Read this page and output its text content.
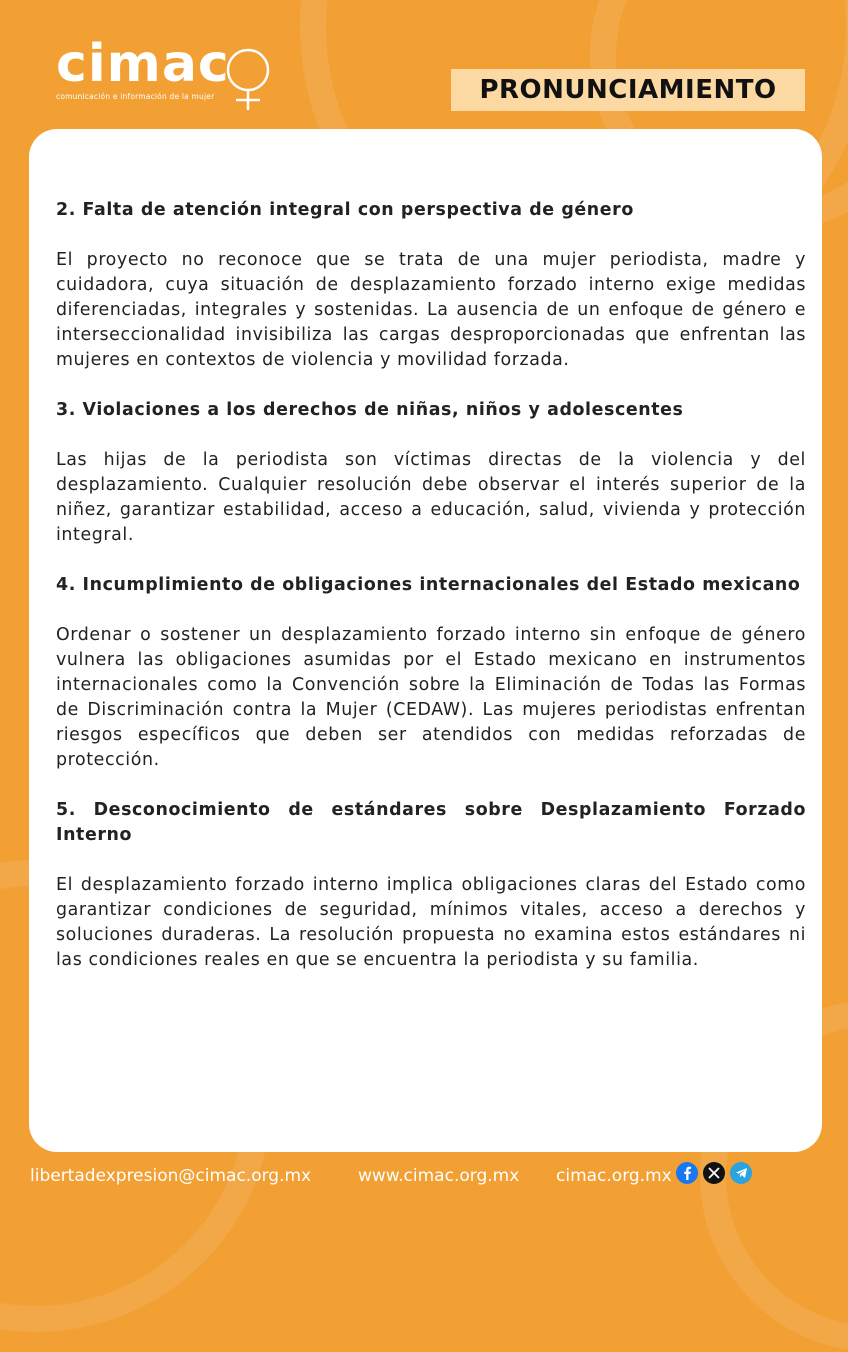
cimac
comunicación e información de la mujer	PRONUNCIAMIENTO
2. Falta de atención integral con perspectiva de género

El proyecto no reconoce que se trata de una mujer periodista, madre y cuidadora, cuya situación de desplazamiento forzado interno exige medidas diferenciadas, integrales y sostenidas. La ausencia de un enfoque de género e interseccionalidad invisibiliza las cargas desproporcionadas que enfrentan las mujeres en contextos de violencia y movilidad forzada.

3. Violaciones a los derechos de niñas, niños y adolescentes

Las hijas de la periodista son víctimas directas de la violencia y del desplazamiento. Cualquier resolución debe observar el interés superior de la niñez, garantizar estabilidad, acceso a educación, salud, vivienda y protección integral.

4. Incumplimiento de obligaciones internacionales del Estado mexicano

Ordenar o sostener un desplazamiento forzado interno sin enfoque de género vulnera las obligaciones asumidas por el Estado mexicano en instrumentos internacionales como la Convención sobre la Eliminación de Todas las Formas de Discriminación contra la Mujer (CEDAW). Las mujeres periodistas enfrentan riesgos específicos que deben ser atendidos con medidas reforzadas de protección.

5. Desconocimiento de estándares sobre Desplazamiento Forzado Interno

El desplazamiento forzado interno implica obligaciones claras del Estado como garantizar condiciones de seguridad, mínimos vitales, acceso a derechos y soluciones duraderas. La resolución propuesta no examina estos estándares ni las condiciones reales en que se encuentra la periodista y su familia.

libertadexpresion@cimac.org.mx	www.cimac.org.mx cimac.org.mx
